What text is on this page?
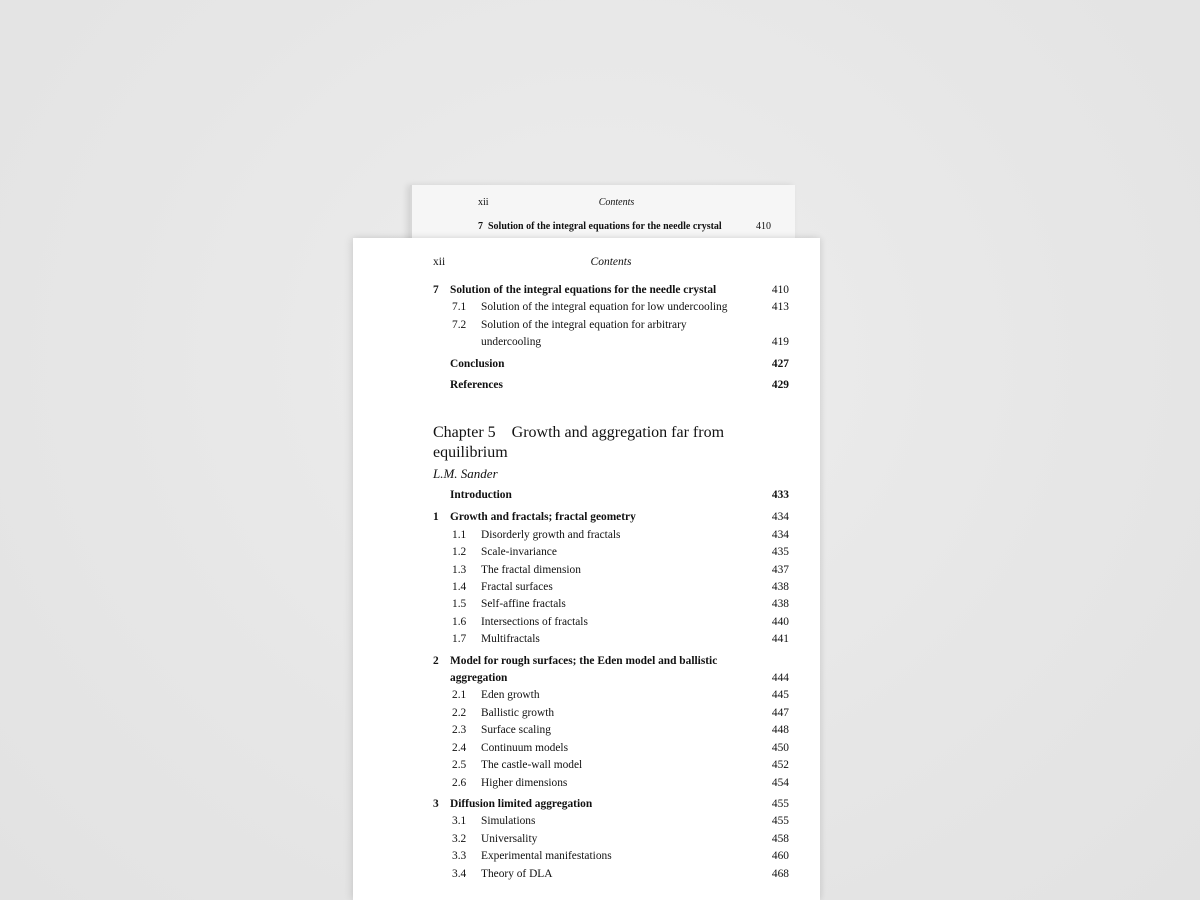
xii	Contents
7 Solution of the integral equations for the needle crystal	410
xii	Contents
7 Solution of the integral equations for the needle crystal	410
7.1 Solution of the integral equation for low undercooling	413
7.2 Solution of the integral equation for arbitrary undercooling	419
Conclusion	427
References	429
Chapter 5    Growth and aggregation far from equilibrium
L.M. Sander
Introduction	433
1 Growth and fractals; fractal geometry	434
1.1 Disorderly growth and fractals	434
1.2 Scale-invariance	435
1.3 The fractal dimension	437
1.4 Fractal surfaces	438
1.5 Self-affine fractals	438
1.6 Intersections of fractals	440
1.7 Multifractals	441
2 Model for rough surfaces; the Eden model and ballistic aggregation	444
2.1 Eden growth	445
2.2 Ballistic growth	447
2.3 Surface scaling	448
2.4 Continuum models	450
2.5 The castle-wall model	452
2.6 Higher dimensions	454
3 Diffusion limited aggregation	455
3.1 Simulations	455
3.2 Universality	458
3.3 Experimental manifestations	460
3.4 Theory of DLA	468
